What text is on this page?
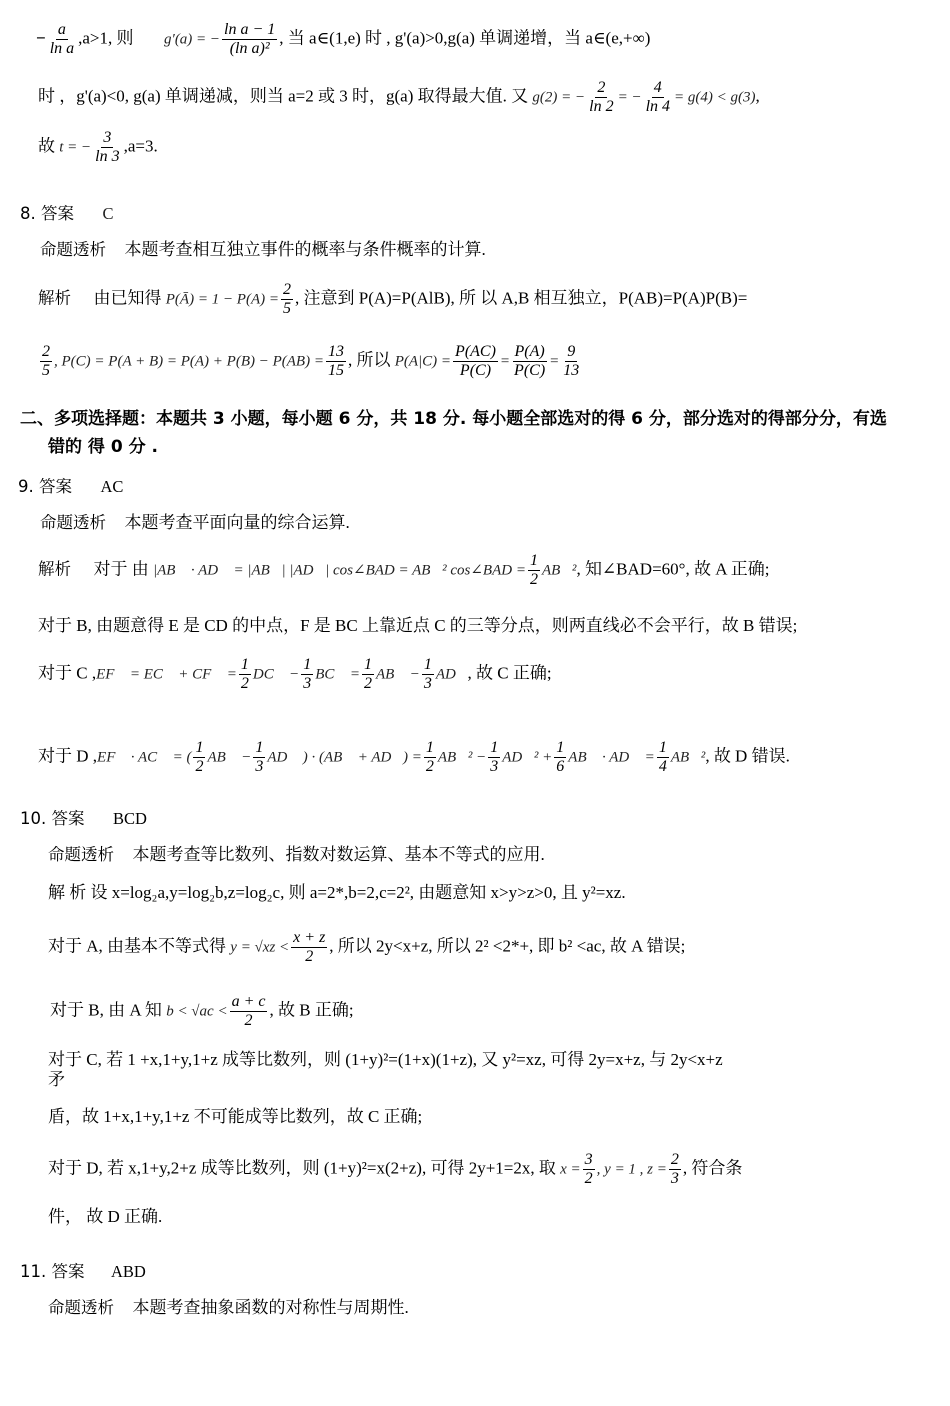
− $\frac{a}{\text{ln a}} ,a>1$, 则 g′(a) = − $\frac{\text{ln a − 1}}{\text{(ln a)²}}$ , 当 a∈(1,e) 时 , g'(a)>0,g(a) 单调递增，当 a∈(e,+∞)
时 ，g'(a)<0, g(a) 单调递减，则当 a=2 或 3 时，g(a) 取得最大值. 又 g(2) = − $\frac{2}{\ln 2}$ = − $\frac{4}{\ln 4} = g(4) < g(3)$,
故 t = − $\frac{3}{\ln 3} ,a=3$.
8. 答案 C
命题透析 本题考查相互独立事件的概率与条件概率的计算.
解析 由已知得 P(Ā) = $1 - P(A) = \frac{2}{5}$ , 注意到 P(A)=P(AlB), 所 以 A,B 相互独立，P(AB)=P(A)P(B)=
$\frac{2}{5}$ , $P(C) = P(A + B) = P(A) + P(B) - P(AB) = \frac{13}{15}$ , 所以 $P(A|C) = \frac{P(AC)}{P(C)} = \frac{P(A)}{P(C)} = \frac{9}{13}$
二、多项选择题：本题共 3 小题，每小题 6 分，共 18 分. 每小题全部选对的得 6 分，部分选对的得部分分，有选
错的 得 0 分 .
9. 答案 AC
命题透析 本题考查平面向量的综合运算.
解析 对于 由 |AB⃗ · AD⃗ = |AB⃗| |AD⃗| cos∠BAD = AB⃗² cos∠BAD = $\frac{1}{2}$ AB⃗², 知∠BAD=60°, 故 A 正确;
对于 B, 由题意得 E 是 CD 的中点，F 是 BC 上靠近点 C 的三等分点，则两直线必不会平行，故 B 错误;
对于 C ,EF⃗ = EC⃗ + CF⃗ = $\frac{1}{2}$ DC⃗ − $\frac{1}{3}$ BC⃗ = $\frac{1}{2}$ AB⃗ − $\frac{1}{3}$ AD⃗, 故 C 正确;
对于 D ,EF⃗ · AC⃗ = ( $\frac{1}{2}$ AB⃗ − $\frac{1}{3}$ AD⃗ ) · (AB⃗ + AD⃗) = $\frac{1}{2}$ AB⃗² − $\frac{1}{3}$ AD⃗² + $\frac{1}{6}$ AB⃗ · AD⃗ = $\frac{1}{4}$ AB⃗², 故 D 错误.
10. 答案 BCD
命题透析 本题考查等比数列、指数对数运算、基本不等式的应用.
解 析 设 x=log₂a,y=log₂b,z=log₂c, 则 a=2*,b=2,c=2², 由题意知 x>y>z>0, 且 y²=xz.
对于 A, 由基本不等式得 $y = √xz < \frac{x + z}{2}$ , 所以 2y<x+z, 所以 2² <2*+, 即 b² <ac, 故 A 错误;
对于 B, 由 A 知 $b < √ac < \frac{a + c}{2}$ , 故 B 正确;
对于 C, 若 1 +x,1+y,1+z 成等比数列，则 (1+y)²=(1+x)(1+z), 又 y²=xz, 可得 2y=x+z, 与 2y<x+z
矛
盾，故 1+x,1+y,1+z 不可能成等比数列，故 C 正确;
对于 D, 若 x,1+y,2+z 成等比数列，则 (1+y)²=x(2+z), 可得 2y+1=2x, 取 $x = \frac{3}{2}$ , y = 1 , $z = \frac{2}{3}$ , 符合条
件， 故 D 正确.
11. 答案 ABD
命题透析 本题考查抽象函数的对称性与周期性.
